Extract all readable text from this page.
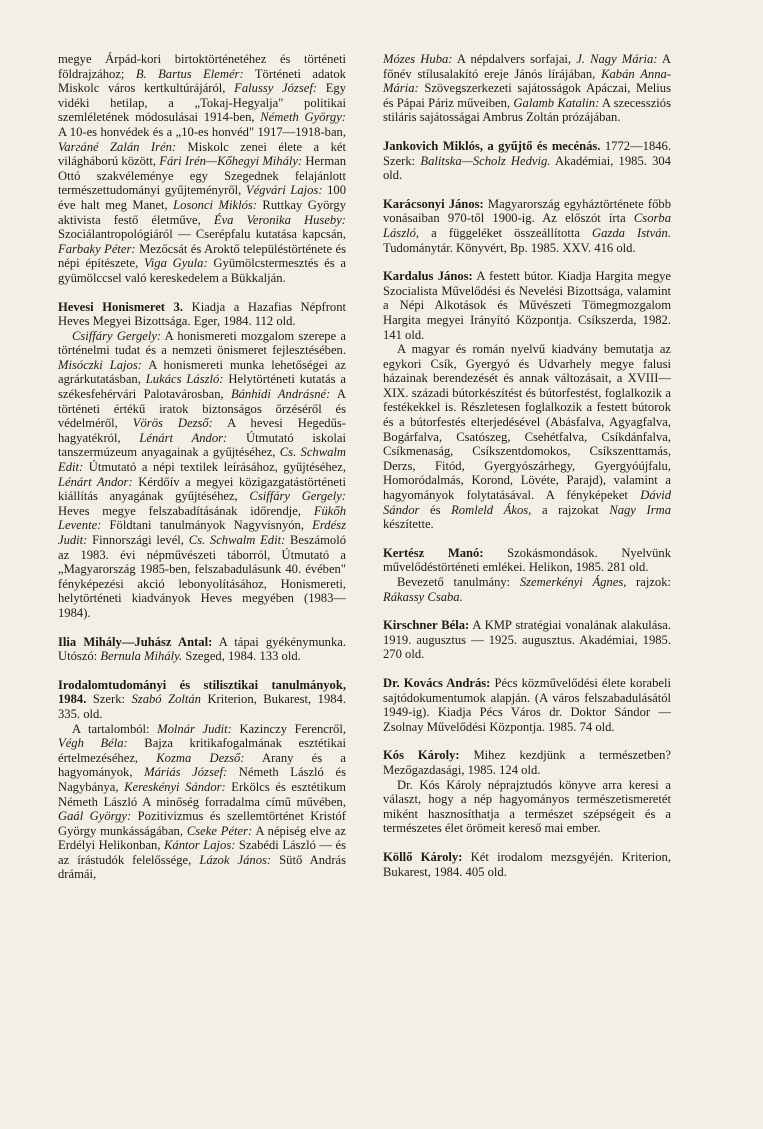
megye Árpád-kori birtoktörténetéhez és történeti földrajzához; B. Bartus Elemér: Történeti adatok Miskolc város kertkultúrájáról, Falussy József: Egy vidéki hetilap, a „Tokaj-Hegyalja" politikai szemléletének módosulásai 1914-ben, Németh György: A 10-es honvédek és a „10-es honvéd" 1917—1918-ban, Varгáné Zalán Irén: Miskolc zenei élete a két világháború között, Fári Irén—Kőhegyi Mihály: Herman Ottó szakvéleménye egy Szegednek felajánlott természettudományi gyűjteményről, Végvári Lajos: 100 éve halt meg Manet, Losonci Miklós: Ruttkay György aktivista festő életműve, Éva Veronika Huseby: Szociálantropológiáról — Cserépfalu kutatása kapcsán, Farbaky Péter: Mezőcsát és Aroktő településtörténete és népi építészete, Viga Gyula: Gyümölcstermesztés és a gyümölccsel való kereskedelem a Bükkalján.

Hevesi Honismeret 3. Kiadja a Hazafias Népfront Heves Megyei Bizottsága. Eger, 1984. 112 old.

Csiffáry Gergely: A honismereti mozgalom szerepe a történelmi tudat és a nemzeti önismeret fejlesztésében. Misóczki Lajos: A honismereti munka lehetőségei az agrárkutatásban, Lukács László: Helytörténeti kutatás a székesfehérvári Palotavárosban, Bánhidi Andrásné: A történeti értékű iratok biztonságos őrzéséről és védelméről, Vörös Dezső: A hevesi Hegedűs-hagyatékról, Lénárt Andor: Útmutató iskolai tanszermúzeum anyagainak a gyűjtéséhez, Cs. Schwalm Edit: Útmutató a népi textilek leírásához, gyűjtéséhez, Lénárt Andor: Kérdőív a megyei közigazgatástörténeti kiállítás anyagának gyűjtéséhez, Csiffáry Gergely: Heves megye felszabadításának időrendje, Fükőh Levente: Földtani tanulmányok Nagyvisnyón, Erdész Judit: Finnországi levél, Cs. Schwalm Edit: Beszámoló az 1983. évi népművészeti táborról, Útmutató a „Magyarország 1985-ben, felszabadulásunk 40. évében" fényképezési akció lebonyolításához, Honismereti, helytörténeti kiadványok Heves megyében (1983—1984).

Ilia Mihály—Juhász Antal: A tápai gyékénymunka. Utószó: Bernula Mihály. Szeged, 1984. 133 old.

Irodalomtudományi és stilisztikai tanulmányok, 1984. Szerk: Szabó Zoltán Kriterion, Bukarest, 1984. 335. old.

A tartalomból: Molnár Judit: Kazinczy Ferencről, Végh Béla: Bajza kritikafogalmának esztétikai értelmezéséhez, Kozma Dezső: Arany és a hagyományok, Máriás József: Németh László és Nagybánya, Kereskényi Sándor: Erkölcs és esztétikum Németh László A minőség forradalma című művében, Gaál György: Pozitivizmus és szellemtörténet Kristóf György munkásságában, Cseke Péter: A népiség elve az Erdélyi Helikonban, Kántor Lajos: Szabédi László — és az írástudók felelőssége, Lázok János: Sütő András drámái,

Mózes Huba: A népdalvers sorfajai, J. Nagy Mária: A főnév stílusalakító ereje Jánós lírájában, Kabán Anna-Mária: Szövegszerkezeti sajátosságok Apáczai, Melius és Pápai Páriz műveiben, Galamb Katalin: A szecessziós stiláris sajátosságai Ambrus Zoltán prózájában.

Jankovich Miklós, a gyűjtő és mecénás. 1772—1846. Szerk: Balitska—Scholz Hedvig. Akadémiai, 1985. 304 old.

Karácsonyi János: Magyarország egyháztörténete főbb vonásaiban 970-től 1900-ig. Az előszót írta Csorba László, a függeléket összeállította Gazda István. Tudománytár. Könyvért, Bp. 1985. XXV. 416 old.

Kardalus János: A festett bútor. Kiadja Hargita megye Szocialista Művelődési és Nevelési Bizottsága, valamint a Népi Alkotások és Művészeti Tömegmozgalom Hargita megyei Irányító Központja. Csíkszerda, 1982. 141 old.

A magyar és román nyelvű kiadvány bemutatja az egykori Csík, Gyergyó és Udvarhely megye falusi házainak berendezését és annak változásait, a XVIII—XIX. századi bútorkészítést és bútorfestést, foglalkozik a festékekkel is. Részletesen foglalkozik a festett bútorok és a bútorfestés elterjedésével (Abásfalva, Agyagfalva, Bogárfalva, Csatószeg, Csehétfalva, Csíkdánfalva, Csíkmenaság, Csíkszentdomokos, Csíkszenttamás, Derzs, Fitód, Gyergyószárhegy, Gyergyóújfalu, Homoródalmás, Korond, Lövéte, Parajd), valamint a hagyományok folytatásával. A fényképeket Dávid Sándor és Romleld Ákos, a rajzokat Nagy Irma készítette.

Kertész Manó: Szokásmondások. Nyelvünk művelődéstörténeti emlékei. Helikon, 1985. 281 old.

Bevezető tanulmány: Szemerkényi Ágnes, rajzok: Rákassy Csaba.

Kirschner Béla: A KMP stratégiai vonalának alakulása. 1919. augusztus — 1925. augusztus. Akadémiai, 1985. 270 old.

Dr. Kovács András: Pécs közművelődési élete korabeli sajtódokumentumok alapján. (A város felszabadulásától 1949-ig). Kiadja Pécs Város dr. Doktor Sándor — Zsolnay Művelődési Központja. 1985. 74 old.

Kós Károly: Mihez kezdjünk a természetben? Mezőgazdasági, 1985. 124 old.

Dr. Kós Károly néprajztudós könyve arra keresi a választ, hogy a nép hagyományos természetismeretét miként hasznosíthatja a természet szépségeit és a természetes élet örömeit kereső mai ember.

Köllő Károly: Két irodalom mezsgyéjén. Kriterion, Bukarest, 1984. 405 old.
